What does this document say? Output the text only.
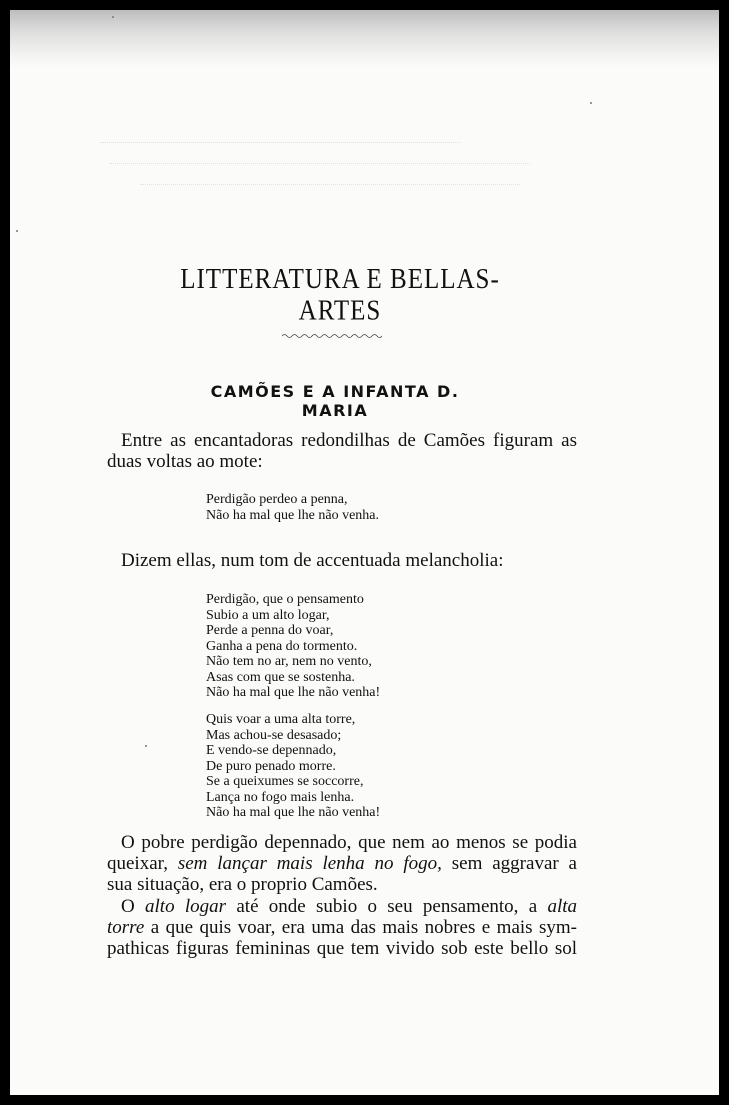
LITTERATURA E BELLAS-ARTES
CAMÕES E A INFANTA D. MARIA
Entre as encantadoras redondilhas de Camões figuram as
duas voltas ao mote:
Perdigão perdeo a penna,
Não ha mal que lhe não venha.
Dizem ellas, num tom de accentuada melancholia:
Perdigão, que o pensamento
Subio a um alto logar,
Perde a penna do voar,
Ganha a pena do tormento.
Não tem no ar, nem no vento,
Asas com que se sostenha.
Não ha mal que lhe não venha!
Quis voar a uma alta torre,
Mas achou-se desasado;
E vendo-se depennado,
De puro penado morre.
Se a queixumes se soccorre,
Lança no fogo mais lenha.
Não ha mal que lhe não venha!
O pobre perdigão depennado, que nem ao menos se podia
queixar, sem lançar mais lenha no fogo, sem aggravar a
sua situação, era o proprio Camões.
O alto logar até onde subio o seu pensamento, a alta
torre a que quis voar, era uma das mais nobres e mais sym-
pathicas figuras femininas que tem vivido sob este bello sol
